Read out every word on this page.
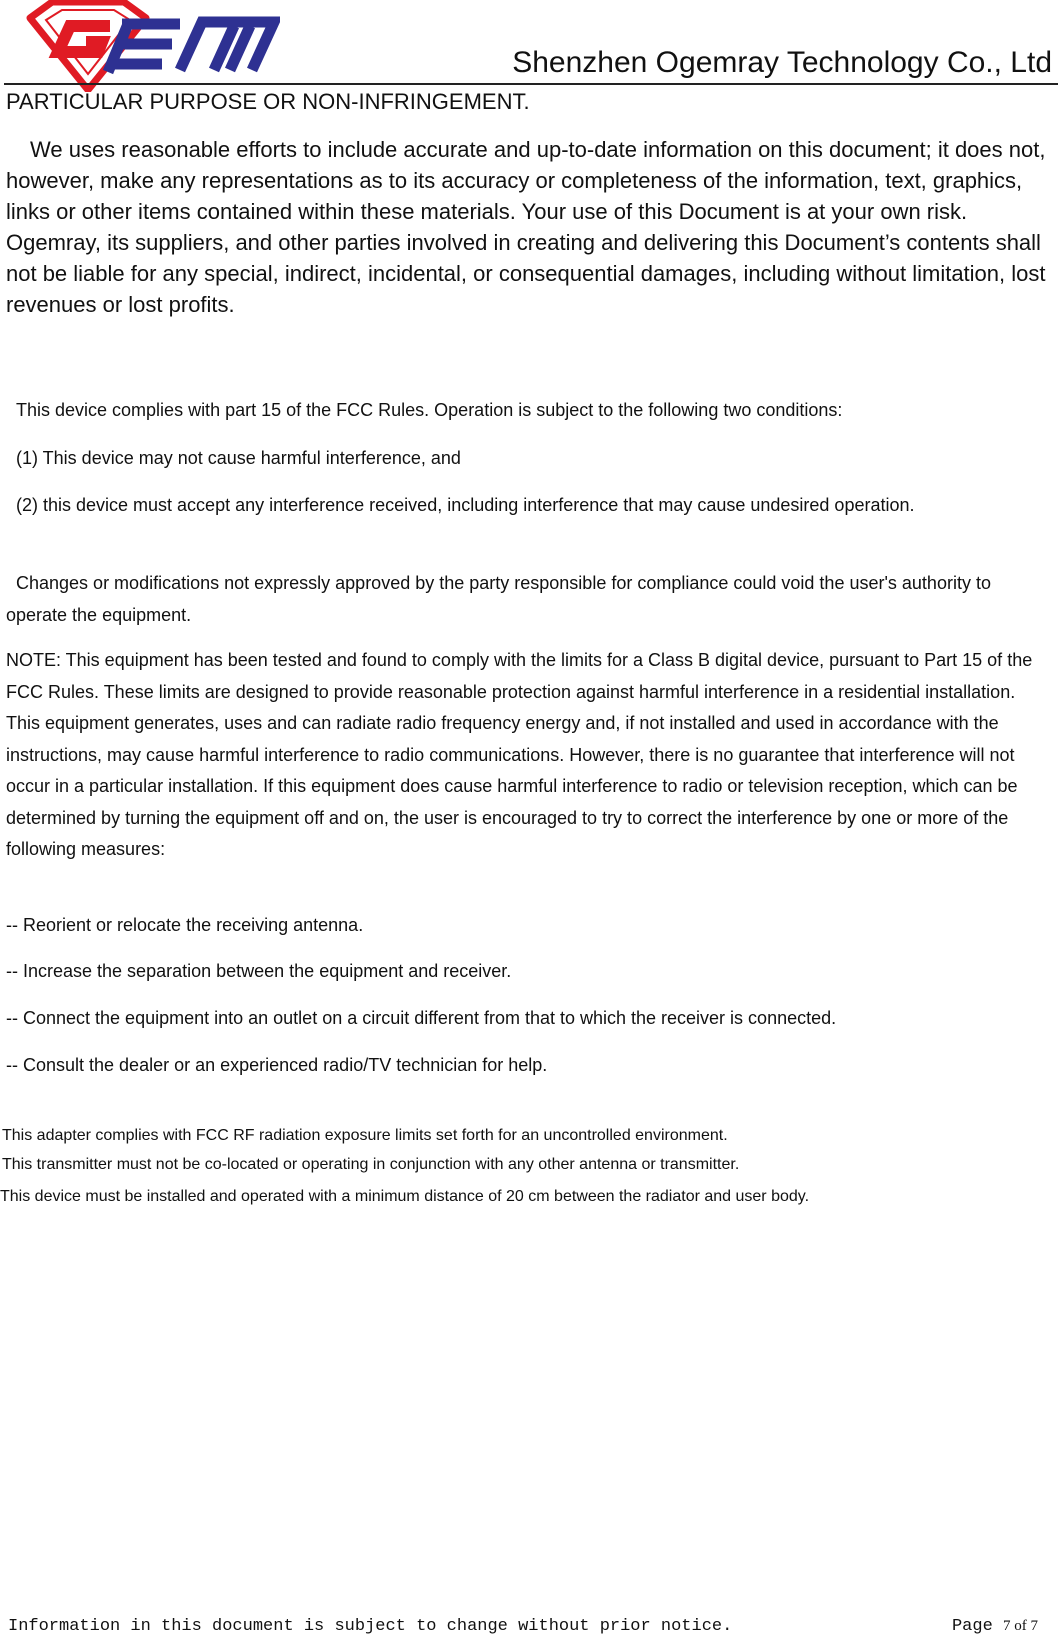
Shenzhen Ogemray Technology Co., Ltd

PARTICULAR PURPOSE OR NON-INFRINGEMENT.

We uses reasonable efforts to include accurate and up-to-date information on this document; it does not, however, make any representations as to its accuracy or completeness of the information, text, graphics, links or other items contained within these materials. Your use of this Document is at your own risk. Ogemray, its suppliers, and other parties involved in creating and delivering this Document’s contents shall not be liable for any special, indirect, incidental, or consequential damages, including without limitation, lost revenues or lost profits.

This device complies with part 15 of the FCC Rules. Operation is subject to the following two conditions:

(1) This device may not cause harmful interference, and

(2) this device must accept any interference received, including interference that may cause undesired operation.

Changes or modifications not expressly approved by the party responsible for compliance could void the user's authority to operate the equipment.

NOTE: This equipment has been tested and found to comply with the limits for a Class B digital device, pursuant to Part 15 of the FCC Rules. These limits are designed to provide reasonable protection against harmful interference in a residential installation. This equipment generates, uses and can radiate radio frequency energy and, if not installed and used in accordance with the instructions, may cause harmful interference to radio communications. However, there is no guarantee that interference will not occur in a particular installation. If this equipment does cause harmful interference to radio or television reception, which can be determined by turning the equipment off and on, the user is encouraged to try to correct the interference by one or more of the following measures:

-- Reorient or relocate the receiving antenna.

-- Increase the separation between the equipment and receiver.

-- Connect the equipment into an outlet on a circuit different from that to which the receiver is connected.

-- Consult the dealer or an experienced radio/TV technician for help.

This adapter complies with FCC RF radiation exposure limits set forth for an uncontrolled environment.

This transmitter must not be co-located or operating in conjunction with any other antenna or transmitter.

This device must be installed and operated with a minimum distance of 20 cm between the radiator and user body.

Information in this document is subject to change without prior notice.	Page 7 of 7
